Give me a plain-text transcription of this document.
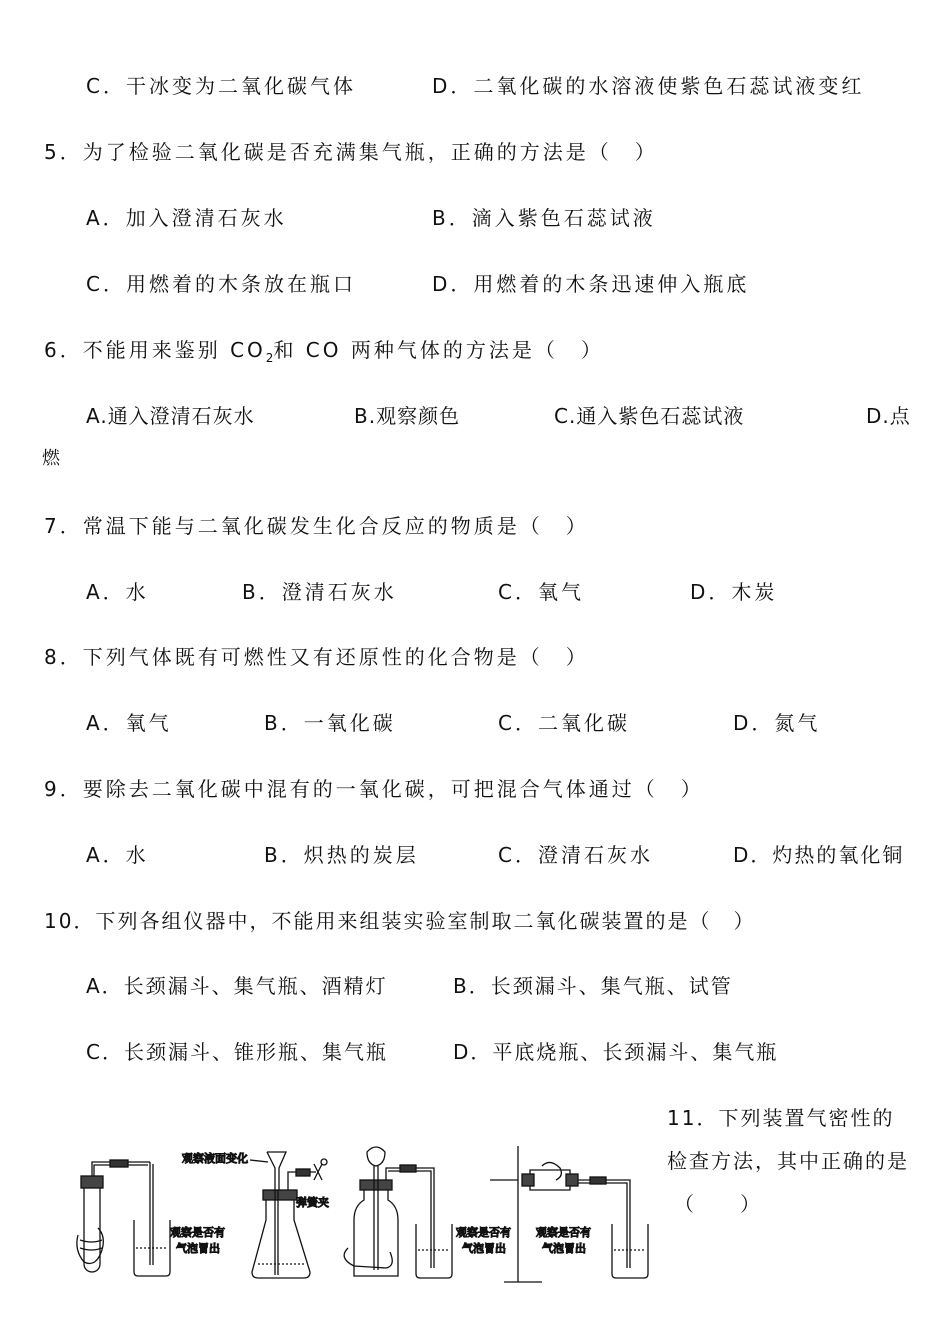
C．干冰变为二氧化碳气体	D．二氧化碳的水溶液使紫色石蕊试液变红
5．为了检验二氧化碳是否充满集气瓶，正确的方法是（　）
A．加入澄清石灰水	B．滴入紫色石蕊试液
C．用燃着的木条放在瓶口	D．用燃着的木条迅速伸入瓶底
6．不能用来鉴别 $CO_2$和 CO 两种气体的方法是（　）
A.通入澄清石灰水	B.观察颜色	C.通入紫色石蕊试液	D.点
燃
7．常温下能与二氧化碳发生化合反应的物质是（　）
A．水	B．澄清石灰水	C．氧气	D．木炭
8．下列气体既有可燃性又有还原性的化合物是（　）
A．氧气	B．一氧化碳	C．二氧化碳	D．氮气
9．要除去二氧化碳中混有的一氧化碳，可把混合气体通过（　）
A．水	B．炽热的炭层	C．澄清石灰水	D．灼热的氧化铜
10．下列各组仪器中，不能用来组装实验室制取二氧化碳装置的是（　）
A．长颈漏斗、集气瓶、酒精灯	B．长颈漏斗、集气瓶、试管
C．长颈漏斗、锥形瓶、集气瓶	D．平底烧瓶、长颈漏斗、集气瓶
11．下列装置气密性的
检查方法，其中正确的是
（　　）
观察是否有
气泡冒出
观察液面变化
弹簧夹
观察是否有
气泡冒出
观察是否有
气泡冒出
